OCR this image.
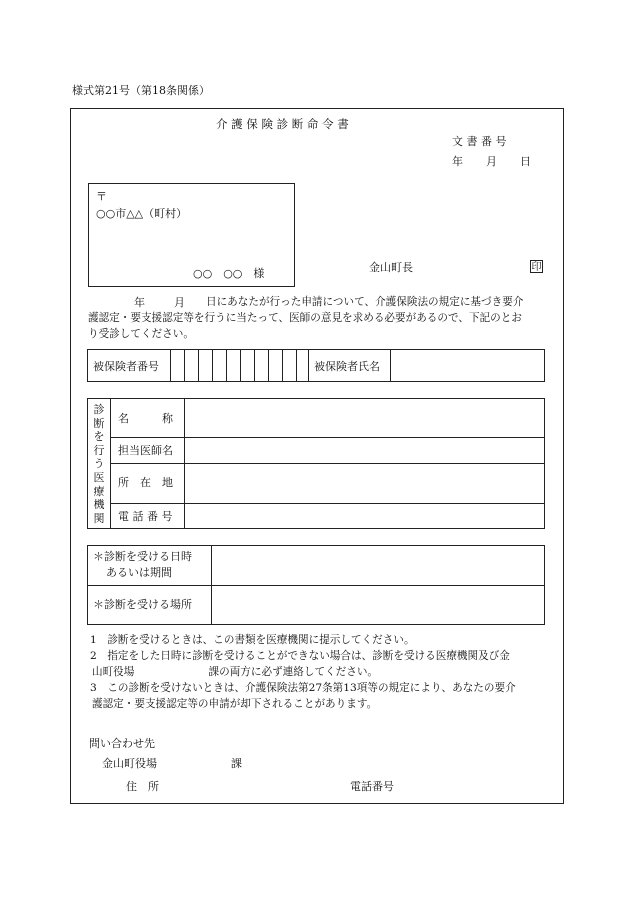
様式第21号（第18条関係）
介 護 保 険 診 断 命 令 書
文 書 番 号
年 月 日
〒
○○市△△（町村）
○○　○○　様	金山町長	印
年	月 日にあなたが行った申請について、介護保険法の規定に基づき要介
護認定・要支援認定等を行うに当たって、医師の意見を求める必要があるので、下記のとお
り受診してください。
被保険者番号	被保険者氏名
診断を行う医療機関
名　　　称
担当医師名
所　在　地
電 話 番 号
＊診断を受ける日時
あるいは期間
＊診断を受ける場所
1　診断を受けるときは、この書類を医療機関に提示してください。
2　指定をした日時に診断を受けることができない場合は、診断を受ける医療機関及び金
山町役場　　　　　　　課の両方に必ず連絡してください。
3　この診断を受けないときは、介護保険法第27条第13項等の規定により、あなたの要介
護認定・要支援認定等の申請が却下されることがあります。
問い合わせ先
金山町役場	課
住　所	電話番号
